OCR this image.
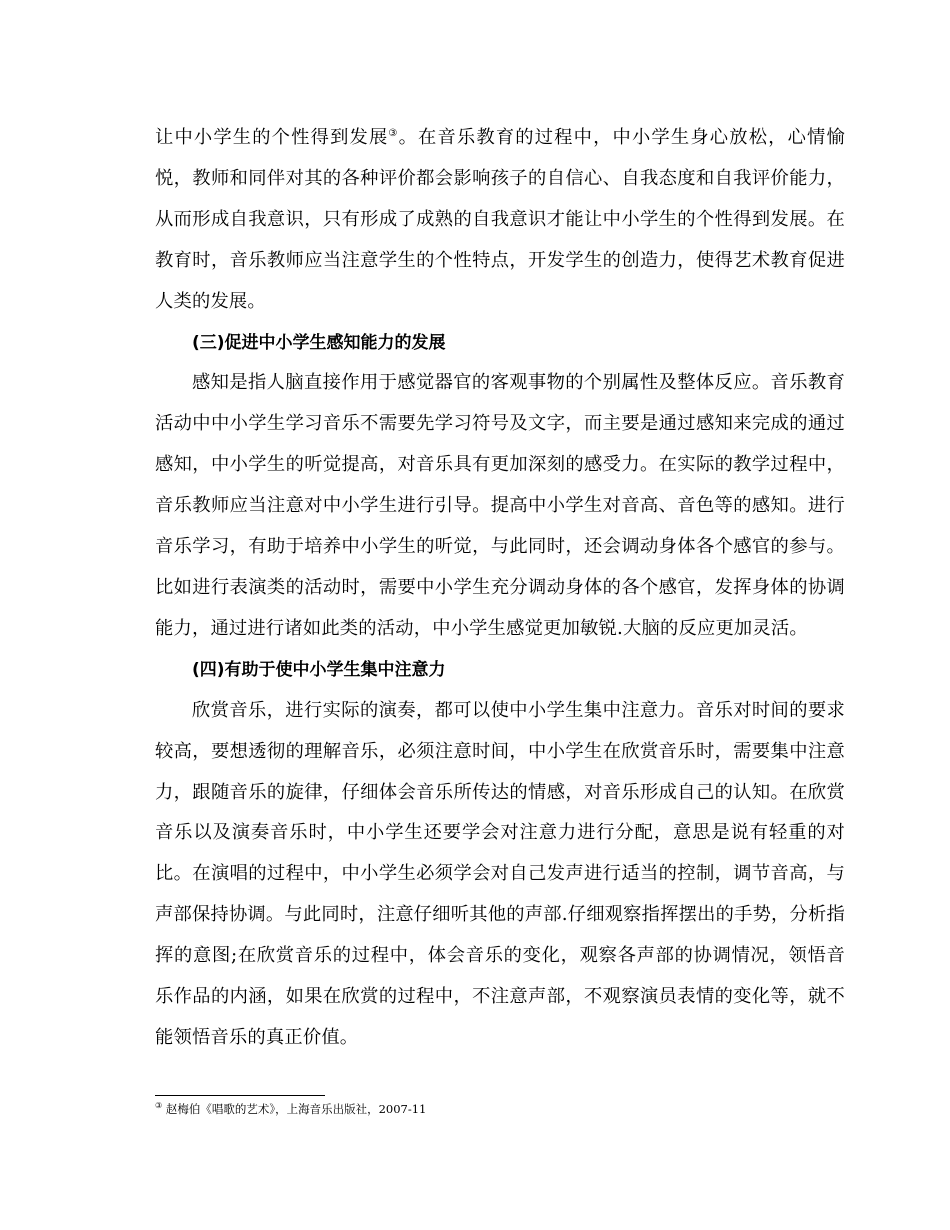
让中小学生的个性得到发展③。在音乐教育的过程中，中小学生身心放松，心情愉悦，教师和同伴对其的各种评价都会影响孩子的自信心、自我态度和自我评价能力，从而形成自我意识，只有形成了成熟的自我意识才能让中小学生的个性得到发展。在教育时，音乐教师应当注意学生的个性特点，开发学生的创造力，使得艺术教育促进人类的发展。

(三)促进中小学生感知能力的发展

感知是指人脑直接作用于感觉器官的客观事物的个别属性及整体反应。音乐教育活动中中小学生学习音乐不需要先学习符号及文字，而主要是通过感知来完成的通过感知，中小学生的听觉提高，对音乐具有更加深刻的感受力。在实际的教学过程中，音乐教师应当注意对中小学生进行引导。提高中小学生对音高、音色等的感知。进行音乐学习，有助于培养中小学生的听觉，与此同时，还会调动身体各个感官的参与。比如进行表演类的活动时，需要中小学生充分调动身体的各个感官，发挥身体的协调能力，通过进行诸如此类的活动，中小学生感觉更加敏锐.大脑的反应更加灵活。

(四)有助于使中小学生集中注意力

欣赏音乐，进行实际的演奏，都可以使中小学生集中注意力。音乐对时间的要求较高，要想透彻的理解音乐，必须注意时间，中小学生在欣赏音乐时，需要集中注意力，跟随音乐的旋律，仔细体会音乐所传达的情感，对音乐形成自己的认知。在欣赏音乐以及演奏音乐时，中小学生还要学会对注意力进行分配，意思是说有轻重的对比。在演唱的过程中，中小学生必须学会对自己发声进行适当的控制，调节音高，与声部保持协调。与此同时，注意仔细听其他的声部.仔细观察指挥摆出的手势，分析指挥的意图;在欣赏音乐的过程中，体会音乐的变化，观察各声部的协调情况，领悟音乐作品的内涵，如果在欣赏的过程中，不注意声部，不观察演员表情的变化等，就不能领悟音乐的真正价值。

③ 赵梅伯《唱歌的艺术》，上海音乐出版社，2007-11
